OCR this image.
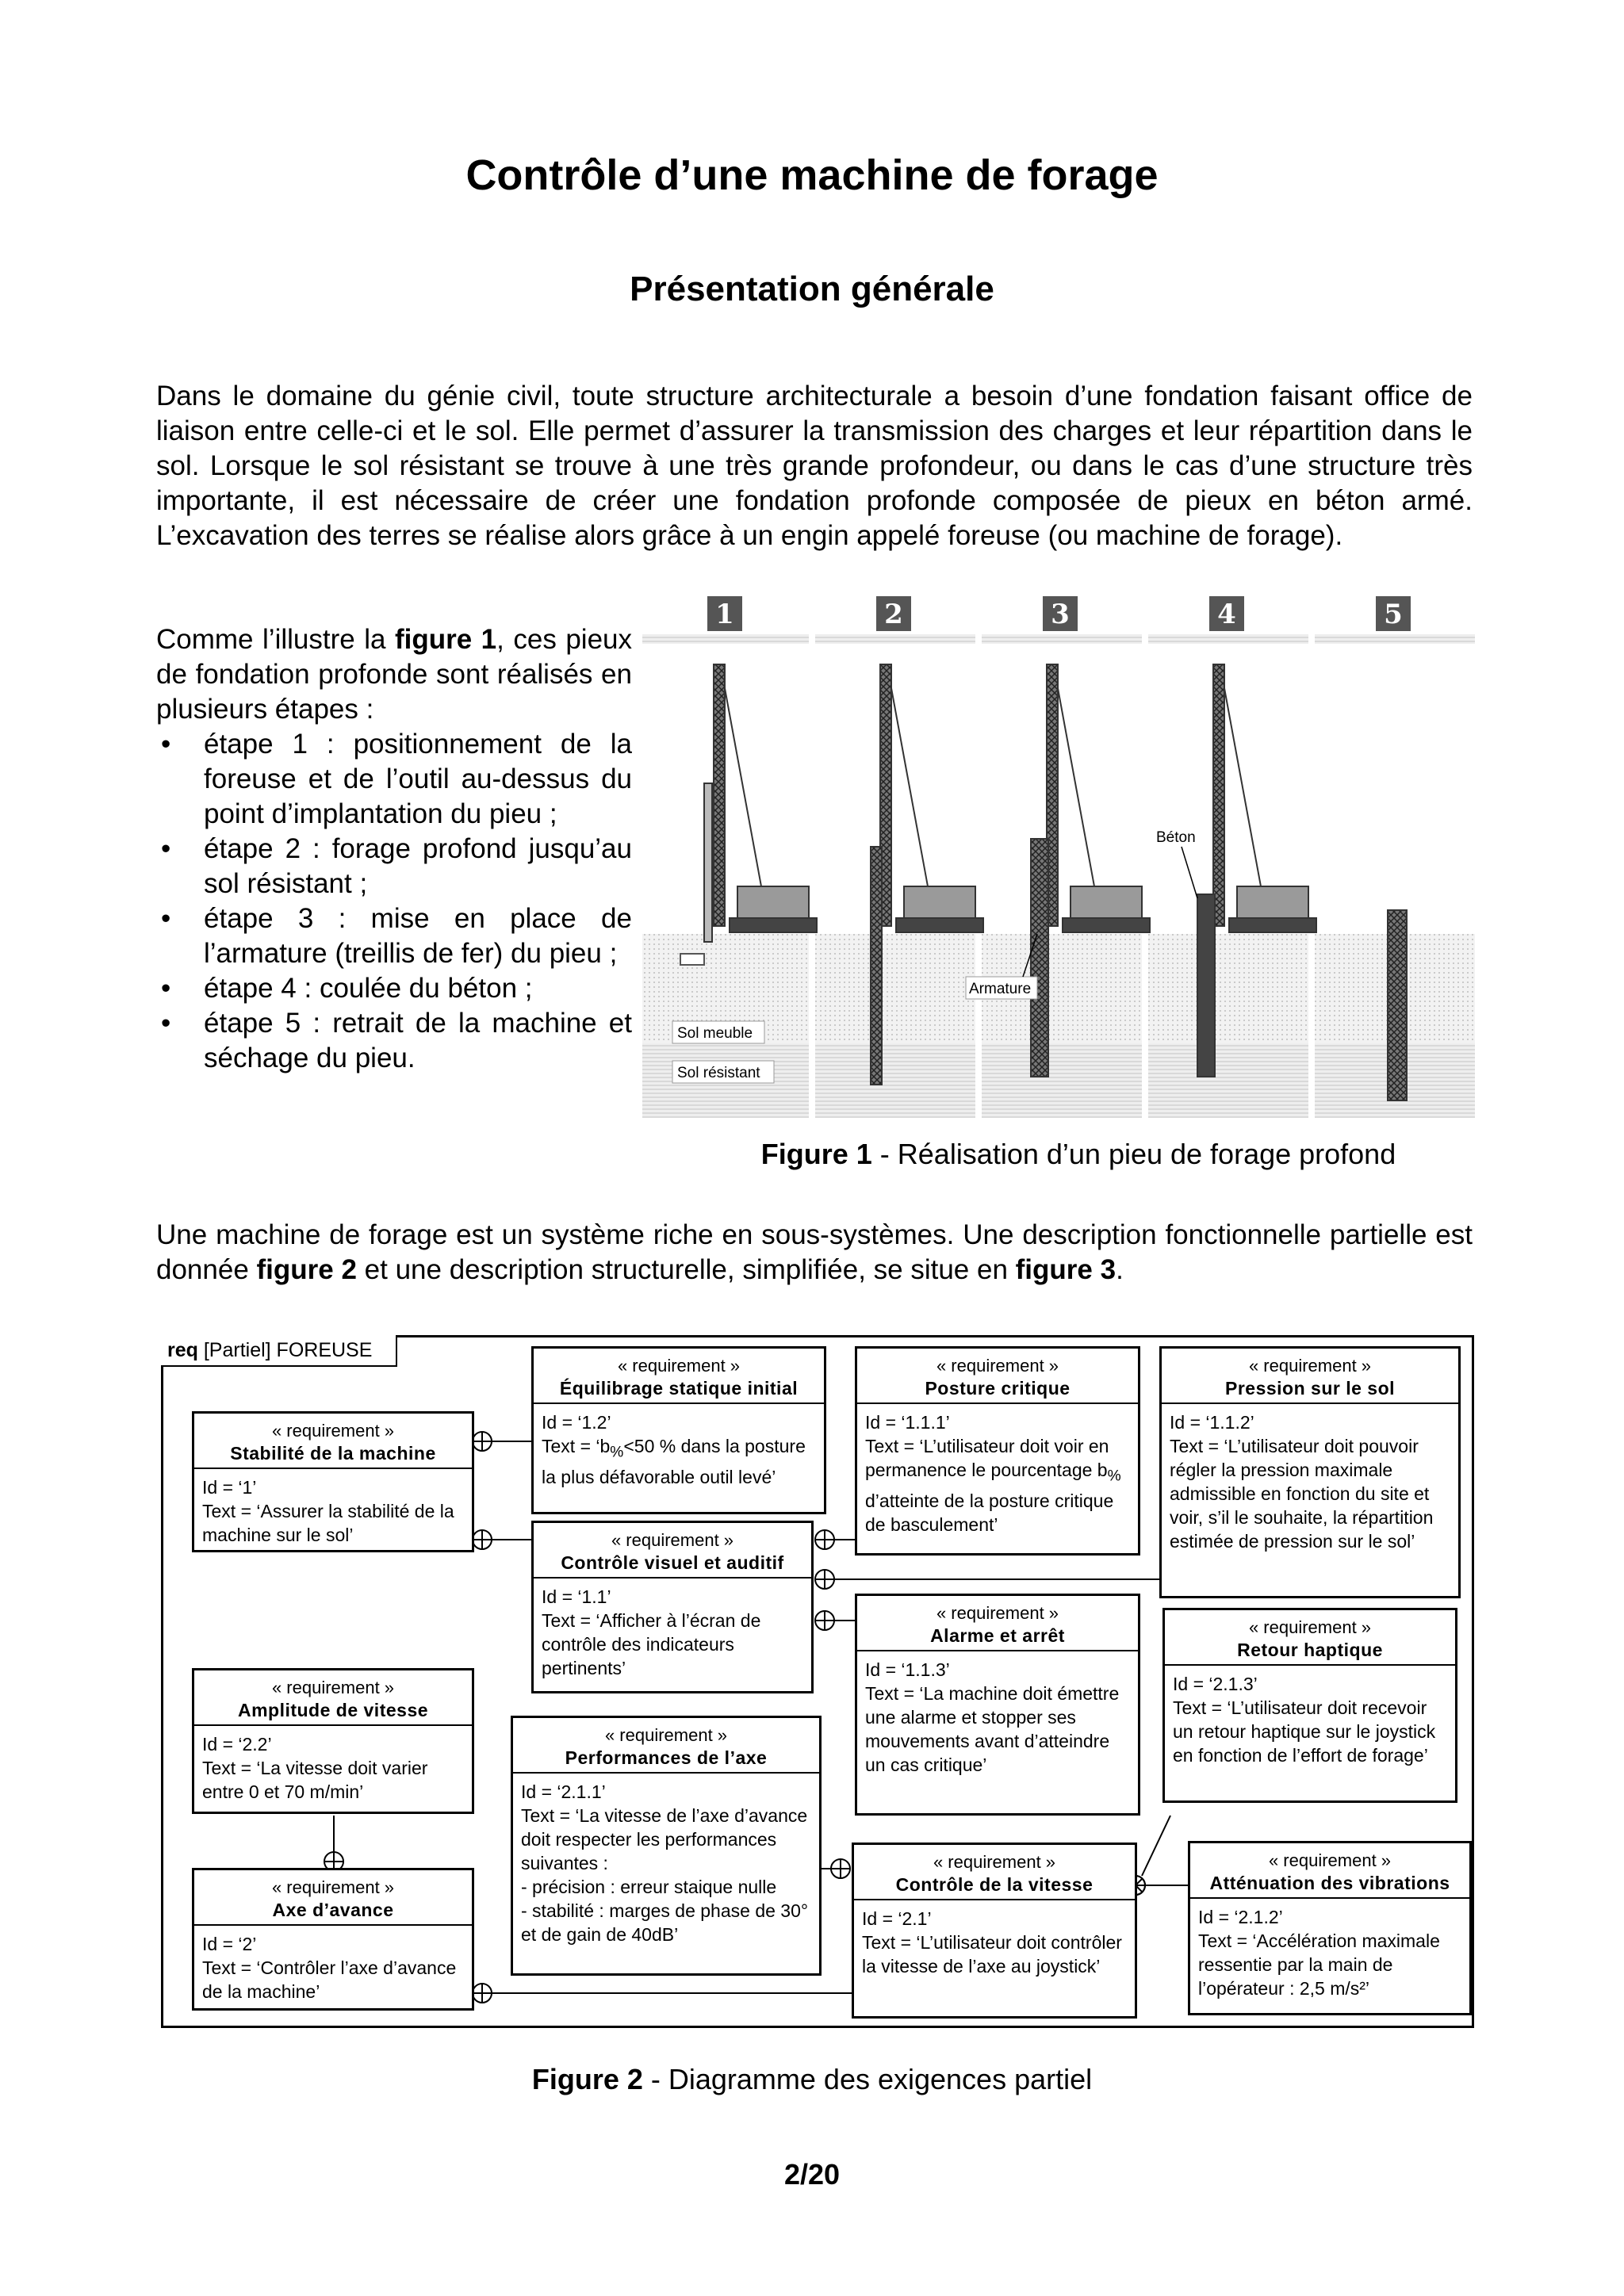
Contrôle d’une machine de forage
Présentation générale

Dans le domaine du génie civil, toute structure architecturale a besoin d’une fondation faisant office de liaison entre celle-ci et le sol. Elle permet d’assurer la transmission des charges et leur répartition dans le sol. Lorsque le sol résistant se trouve à une très grande profondeur, ou dans le cas d’une structure très importante, il est nécessaire de créer une fondation profonde composée de pieux en béton armé. L’excavation des terres se réalise alors grâce à un engin appelé foreuse (ou machine de forage).

Comme l’illustre la figure 1, ces pieux de fondation profonde sont réalisés en plusieurs étapes :
• étape 1 : positionnement de la foreuse et de l’outil au-dessus du point d’implantation du pieu ;
• étape 2 : forage profond jusqu’au sol résistant ;
• étape 3 : mise en place de l’armature (treillis de fer) du pieu ;
• étape 4 : coulée du béton ;
• étape 5 : retrait de la machine et séchage du pieu.
1	2	3	4	5
Sol meuble
Sol résistant
Armature
Béton
Figure 1 - Réalisation d’un pieu de forage profond

Une machine de forage est un système riche en sous-systèmes. Une description fonctionnelle partielle est donnée figure 2 et une description structurelle, simplifiée, se situe en figure 3.

req [Partiel] FOREUSE
« requirement »
Stabilité de la machine
Id = ‘1’
Text = ‘Assurer la stabilité de la machine sur le sol’
« requirement »
Équilibrage statique initial
Id = ‘1.2’
Text = ‘$b_{\%}<50$ % dans la posture la plus défavorable outil levé’
« requirement »
Posture critique
Id = ‘1.1.1’
Text = ‘L’utilisateur doit voir en permanence le pourcentage $b_{\%}$ d’atteinte de la posture critique de basculement’
« requirement »
Pression sur le sol
Id = ‘1.1.2’
Text = ‘L’utilisateur doit pouvoir régler la pression maximale admissible en fonction du site et voir, s’il le souhaite, la répartition estimée de pression sur le sol’
« requirement »
Contrôle visuel et auditif
Id = ‘1.1’
Text = ‘Afficher à l’écran de contrôle des indicateurs pertinents’
« requirement »
Alarme et arrêt
Id = ‘1.1.3’
Text = ‘La machine doit émettre une alarme et stopper ses mouvements avant d’atteindre un cas critique’
« requirement »
Retour haptique
Id = ‘2.1.3’
Text = ‘L’utilisateur doit recevoir un retour haptique sur le joystick en fonction de l’effort de forage’
« requirement »
Amplitude de vitesse
Id = ‘2.2’
Text = ‘La vitesse doit varier entre 0 et 70 m/min’
« requirement »
Performances de l’axe
Id = ‘2.1.1’
Text = ‘La vitesse de l’axe d’avance doit respecter les performances suivantes :
- précision : erreur staique nulle
- stabilité : marges de phase de 30° et de gain de 40dB’
« requirement »
Axe d’avance
Id = ‘2’
Text = ‘Contrôler l’axe d’avance de la machine’
« requirement »
Contrôle de la vitesse
Id = ‘2.1’
Text = ‘L’utilisateur doit contrôler la vitesse de l’axe au joystick’
« requirement »
Atténuation des vibrations
Id = ‘2.1.2’
Text = ‘Accélération maximale ressentie par la main de l’opérateur : 2,5 m/s²’
Figure 2 - Diagramme des exigences partiel
2/20
